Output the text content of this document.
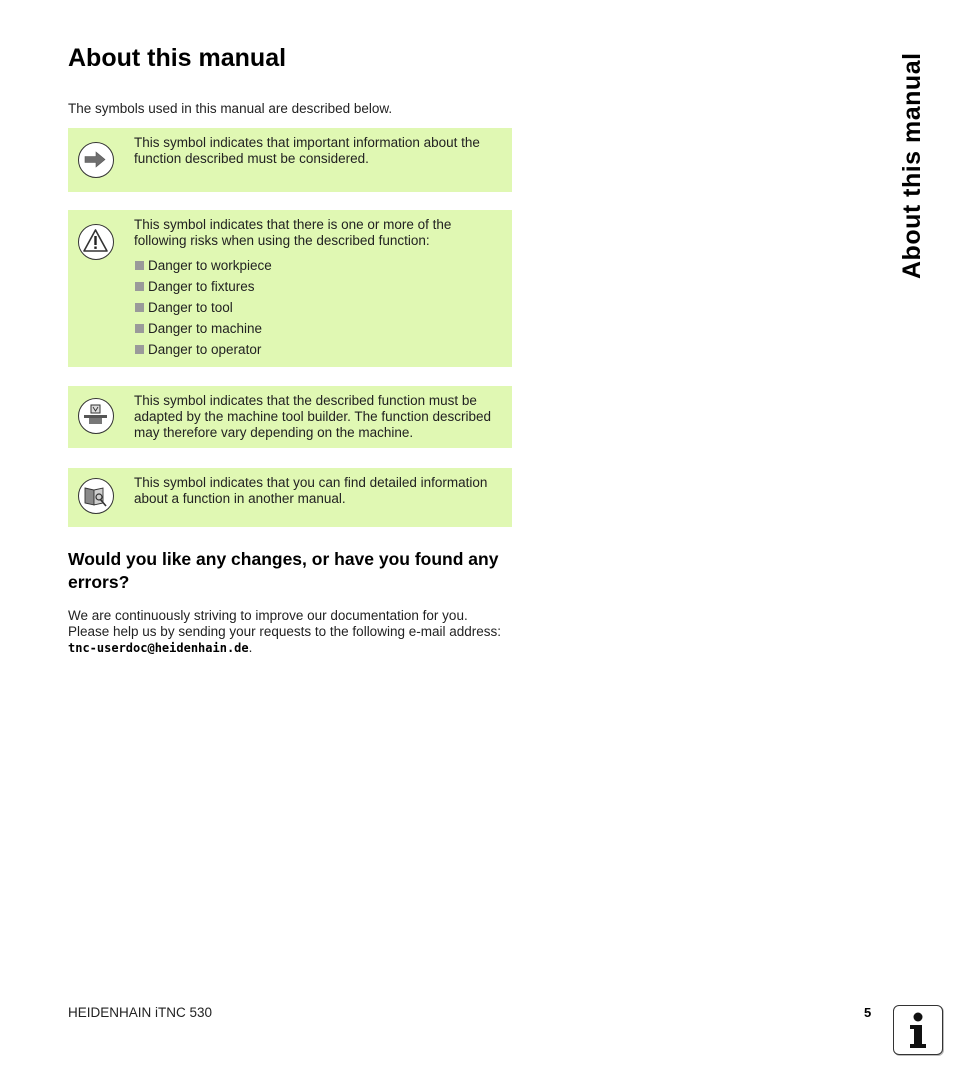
About this manual

The symbols used in this manual are described below.

This symbol indicates that important information about the function described must be considered.
This symbol indicates that there is one or more of the following risks when using the described function:
Danger to workpiece
Danger to fixtures
Danger to tool
Danger to machine
Danger to operator
This symbol indicates that the described function must be adapted by the machine tool builder. The function described may therefore vary depending on the machine.
This symbol indicates that you can find detailed information about a function in another manual.
Would you like any changes, or have you found any errors?

We are continuously striving to improve our documentation for you. Please help us by sending your requests to the following e-mail address: tnc-userdoc@heidenhain.de.

About this manual
HEIDENHAIN iTNC 530	5
